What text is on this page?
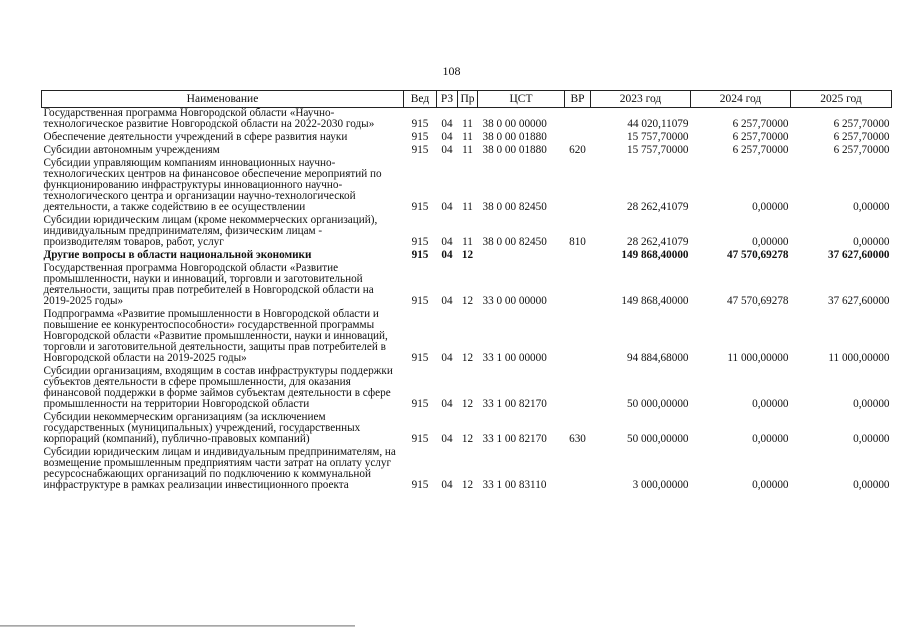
108
Наименование	Вед	РЗ	Пр	ЦСТ	ВР	2023 год	2024 год	2025 год
Государственная программа Новгородской области «Научно-технологическое развитие Новгородской области на 2022-2030 годы»	915	04	11	38 0 00 00000		44 020,11079	6 257,70000	6 257,70000
Обеспечение деятельности учреждений в сфере развития науки	915	04	11	38 0 00 01880		15 757,70000	6 257,70000	6 257,70000
Субсидии автономным учреждениям	915	04	11	38 0 00 01880	620	15 757,70000	6 257,70000	6 257,70000
Субсидии управляющим компаниям инновационных научно-технологических центров на финансовое обеспечение мероприятий по функционированию инфраструктуры инновационного научно-технологического центра и организации научно-технологической деятельности, а также содействию в ее осуществлении	915	04	11	38 0 00 82450		28 262,41079	0,00000	0,00000
Субсидии юридическим лицам (кроме некоммерческих организаций), индивидуальным предпринимателям, физическим лицам - производителям товаров, работ, услуг	915	04	11	38 0 00 82450	810	28 262,41079	0,00000	0,00000
Другие вопросы в области национальной экономики	915	04	12			149 868,40000	47 570,69278	37 627,60000
Государственная программа Новгородской области «Развитие промышленности, науки и инноваций, торговли и заготовительной деятельности, защиты прав потребителей в Новгородской области на 2019-2025 годы»	915	04	12	33 0 00 00000		149 868,40000	47 570,69278	37 627,60000
Подпрограмма «Развитие промышленности в Новгородской области и повышение ее конкурентоспособности» государственной программы Новгородской области «Развитие промышленности, науки и инноваций, торговли и заготовительной деятельности, защиты прав потребителей в Новгородской области на 2019-2025 годы»	915	04	12	33 1 00 00000		94 884,68000	11 000,00000	11 000,00000
Субсидии организациям, входящим в состав инфраструктуры поддержки субъектов деятельности в сфере промышленности, для оказания финансовой поддержки в форме займов субъектам деятельности в сфере промышленности на территории Новгородской области	915	04	12	33 1 00 82170		50 000,00000	0,00000	0,00000
Субсидии некоммерческим организациям (за исключением государственных (муниципальных) учреждений, государственных корпораций (компаний), публично-правовых компаний)	915	04	12	33 1 00 82170	630	50 000,00000	0,00000	0,00000
Субсидии юридическим лицам и индивидуальным предпринимателям, на возмещение промышленным предприятиям части затрат на оплату услуг ресурсоснабжающих организаций по подключению к коммунальной инфраструктуре в рамках реализации инвестиционного проекта	915	04	12	33 1 00 83110		3 000,00000	0,00000	0,00000
